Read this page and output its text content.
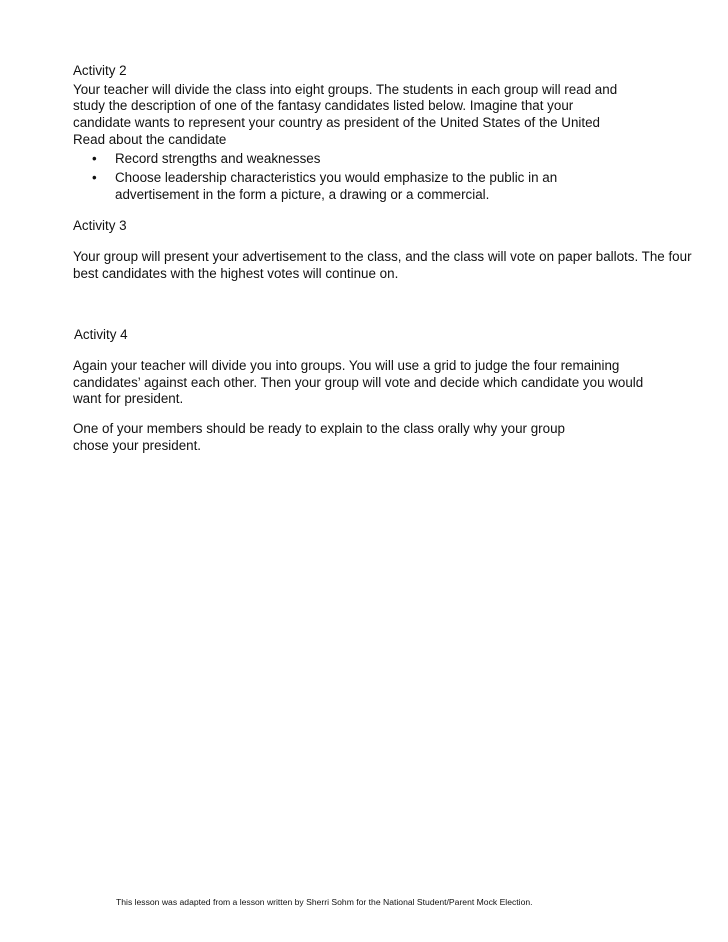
Activity 2
Your teacher will divide the class into eight groups. The students in each group will read and
study the description of one of the fantasy candidates listed below. Imagine that your
candidate wants to represent your country as president of the United States of the United
Read about the candidate
• Record strengths and weaknesses
• Choose leadership characteristics you would emphasize to the public in an
advertisement in the form a picture, a drawing or a commercial.
Activity 3
Your group will present your advertisement to the class, and the class will vote on paper ballots. The four
best candidates with the highest votes will continue on.
Activity 4
Again your teacher will divide you into groups. You will use a grid to judge the four remaining
candidates’ against each other. Then your group will vote and decide which candidate you would
want for president.
One of your members should be ready to explain to the class orally why your group
chose your president.
This lesson was adapted from a lesson written by Sherri Sohm for the National Student/Parent Mock Election.
